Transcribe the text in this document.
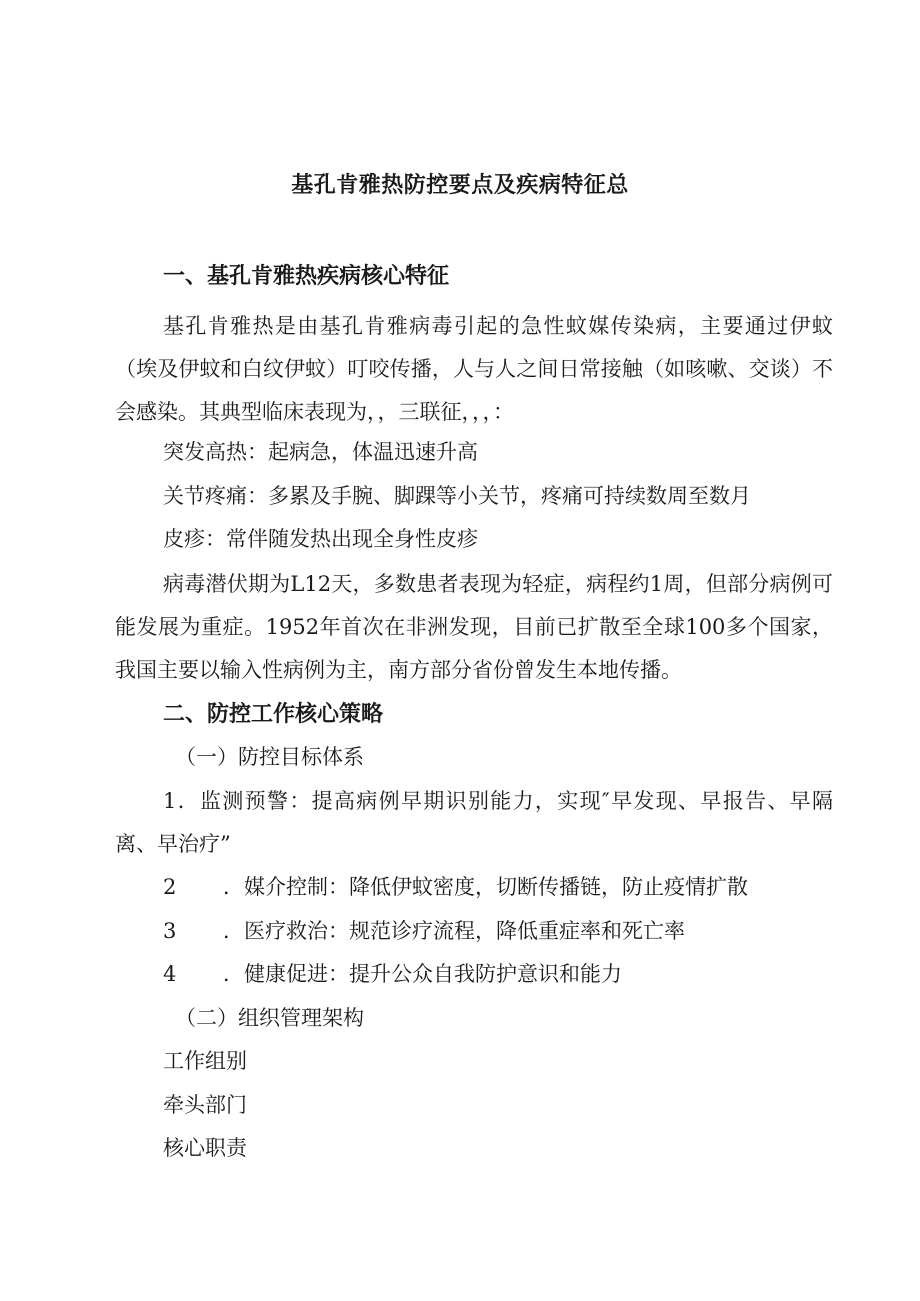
基孔肯雅热防控要点及疾病特征总
一、基孔肯雅热疾病核心特征

基孔肯雅热是由基孔肯雅病毒引起的急性蚊媒传染病，主要通过伊蚊（埃及伊蚊和白纹伊蚊）叮咬传播，人与人之间日常接触（如咳嗽、交谈）不会感染。其典型临床表现为，，三联征，，，：

突发高热：起病急，体温迅速升高
关节疼痛：多累及手腕、脚踝等小关节，疼痛可持续数周至数月
皮疹：常伴随发热出现全身性皮疹

病毒潜伏期为L12天，多数患者表现为轻症，病程约1周，但部分病例可能发展为重症。1952年首次在非洲发现，目前已扩散至全球100多个国家，我国主要以输入性病例为主，南方部分省份曾发生本地传播。

二、防控工作核心策略
（一）防控目标体系

1．监测预警：提高病例早期识别能力，实现″早发现、早报告、早隔离、早治疗”

2 ．媒介控制：降低伊蚊密度，切断传播链，防止疫情扩散
3 ．医疗救治：规范诊疗流程，降低重症率和死亡率
4 ．健康促进：提升公众自我防护意识和能力
（二）组织管理架构
工作组别
牵头部门
核心职责
